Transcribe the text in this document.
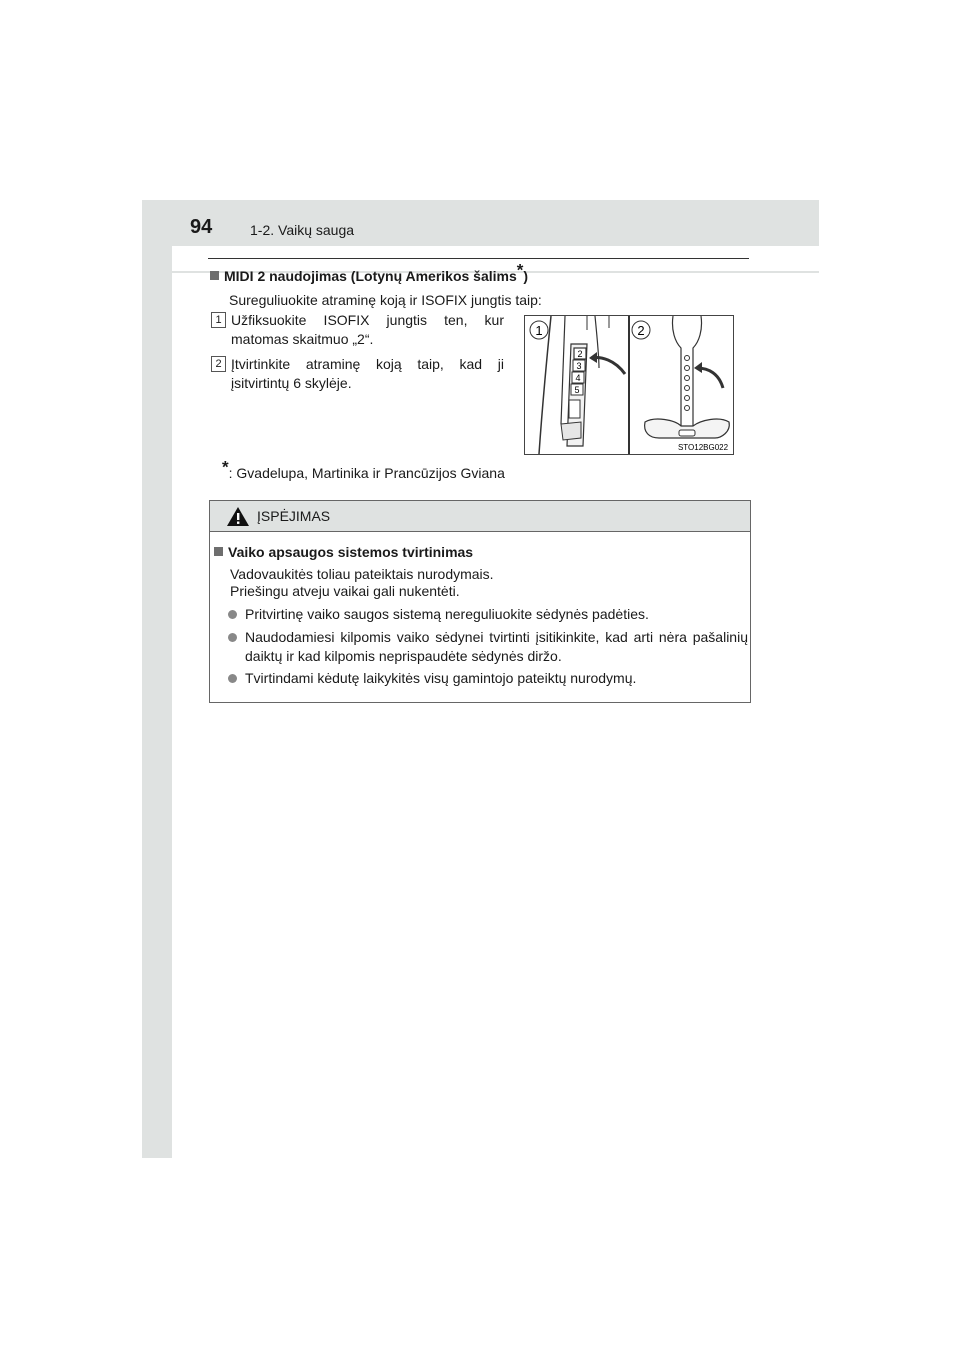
94	1-2. Vaikų sauga
MIDI 2 naudojimas (Lotynų Amerikos šalims*)
Sureguliuokite atraminę koją ir ISOFIX jungtis taip:
1 Užfiksuokite ISOFIX jungtis ten, kur matomas skaitmuo „2“.
2 Įtvirtinkite atraminę koją taip, kad ji įsitvirtintų 6 skylėje.
2
3
4
5
1	2
STO12BG022
*: Gvadelupa, Martinika ir Prancūzijos Gviana
ĮSPĖJIMAS
Vaiko apsaugos sistemos tvirtinimas
Vadovaukitės toliau pateiktais nurodymais.
Priešingu atveju vaikai gali nukentėti.
Pritvirtinę vaiko saugos sistemą nereguliuokite sėdynės padėties.
Naudodamiesi kilpomis vaiko sėdynei tvirtinti įsitikinkite, kad arti nėra pašalinių daiktų ir kad kilpomis neprispaudėte sėdynės diržo.
Tvirtindami kėdutę laikykitės visų gamintojo pateiktų nurodymų.
